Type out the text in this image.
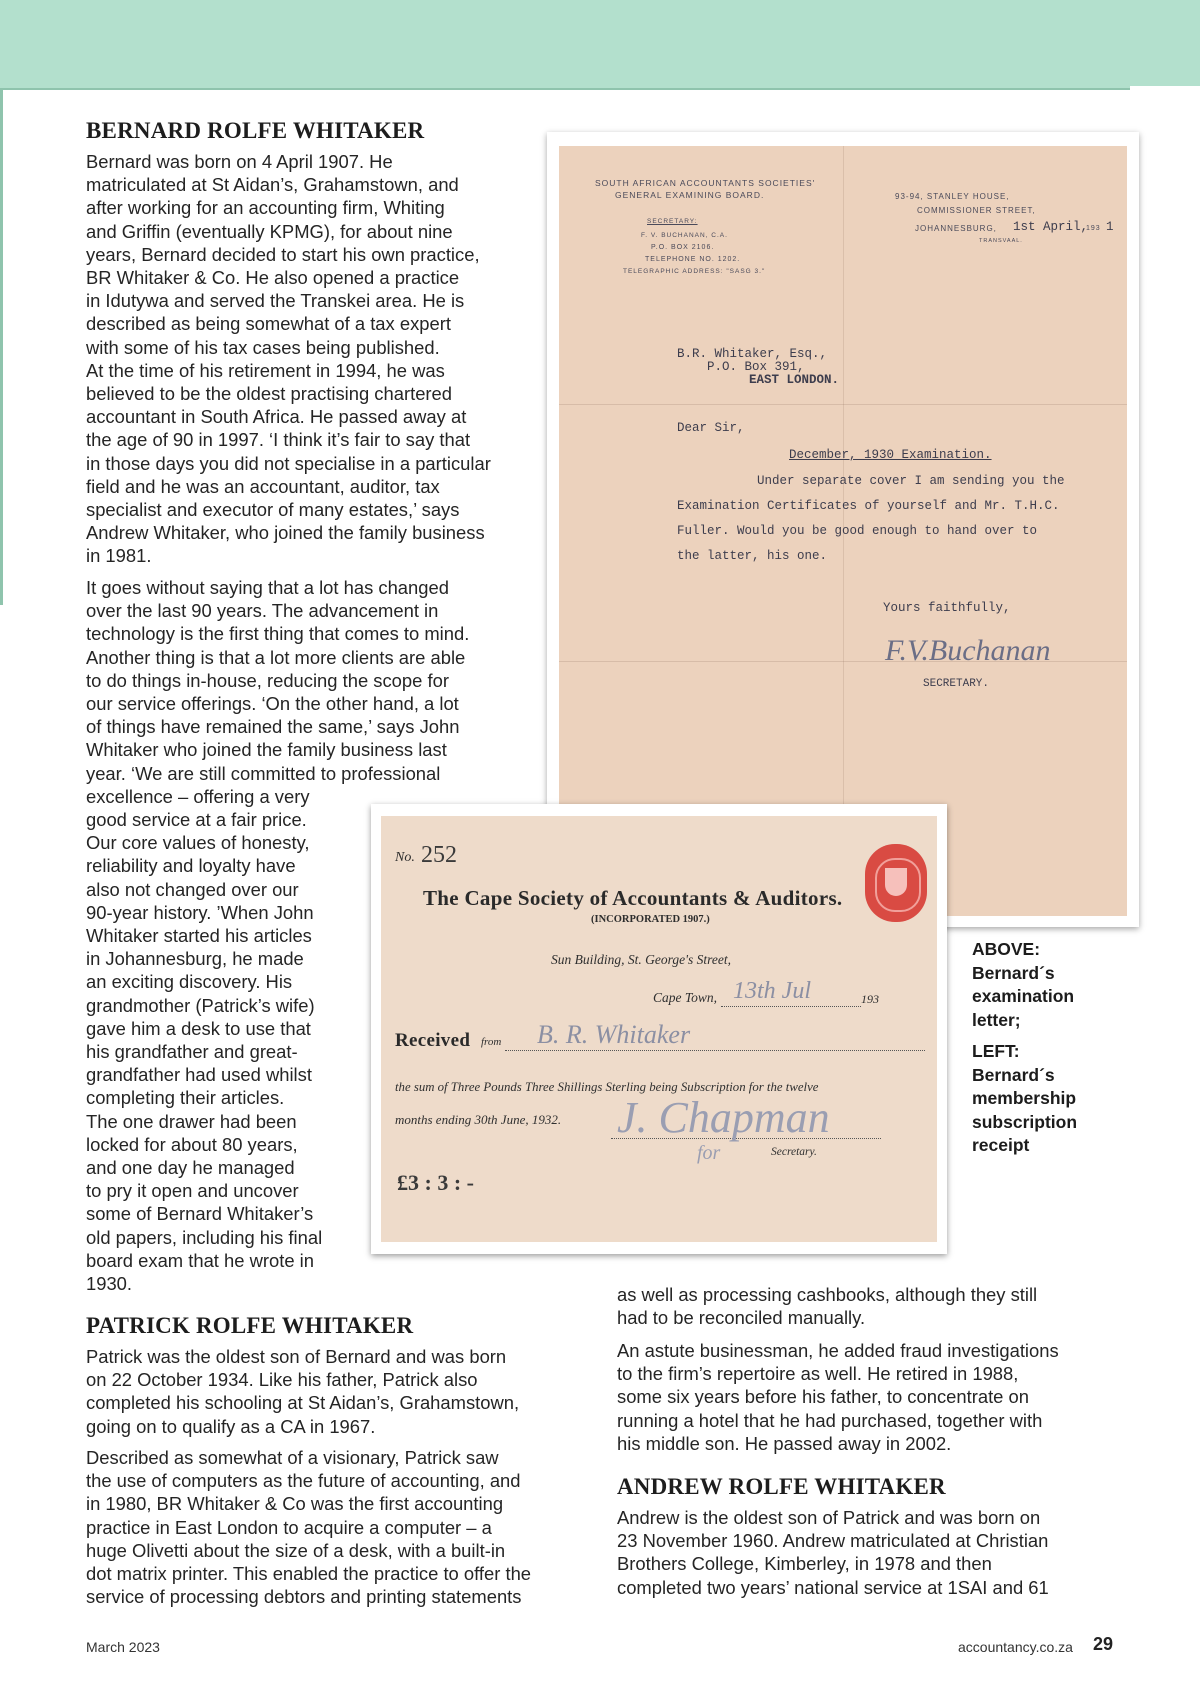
BERNARD ROLFE WHITAKER
Bernard was born on 4 April 1907. He
matriculated at St Aidan’s, Grahamstown, and
after working for an accounting firm, Whiting
and Griffin (eventually KPMG), for about nine
years, Bernard decided to start his own practice,
BR Whitaker & Co. He also opened a practice
in Idutywa and served the Transkei area. He is
described as being somewhat of a tax expert
with some of his tax cases being published.
At the time of his retirement in 1994, he was
believed to be the oldest practising chartered
accountant in South Africa. He passed away at
the age of 90 in 1997. ‘I think it’s fair to say that
in those days you did not specialise in a particular
field and he was an accountant, auditor, tax
specialist and executor of many estates,’ says
Andrew Whitaker, who joined the family business
in 1981.
It goes without saying that a lot has changed
over the last 90 years. The advancement in
technology is the first thing that comes to mind.
Another thing is that a lot more clients are able
to do things in-house, reducing the scope for
our service offerings. ‘On the other hand, a lot
of things have remained the same,’ says John
Whitaker who joined the family business last
year. ‘We are still committed to professional
excellence – offering a very
good service at a fair price.
Our core values of honesty,
reliability and loyalty have
also not changed over our
90-year history. ’When John
Whitaker started his articles
in Johannesburg, he made
an exciting discovery. His
grandmother (Patrick’s wife)
gave him a desk to use that
his grandfather and great-
grandfather had used whilst
completing their articles.
The one drawer had been
locked for about 80 years,
and one day he managed
to pry it open and uncover
some of Bernard Whitaker’s
old papers, including his final
board exam that he wrote in
1930.
PATRICK ROLFE WHITAKER
Patrick was the oldest son of Bernard and was born
on 22 October 1934. Like his father, Patrick also
completed his schooling at St Aidan’s, Grahamstown,
going on to qualify as a CA in 1967.
Described as somewhat of a visionary, Patrick saw
the use of computers as the future of accounting, and
in 1980, BR Whitaker & Co was the first accounting
practice in East London to acquire a computer – a
huge Olivetti about the size of a desk, with a built-in
dot matrix printer. This enabled the practice to offer the
service of processing debtors and printing statements
as well as processing cashbooks, although they still
had to be reconciled manually.
An astute businessman, he added fraud investigations
to the firm’s repertoire as well. He retired in 1988,
some six years before his father, to concentrate on
running a hotel that he had purchased, together with
his middle son. He passed away in 2002.
ANDREW ROLFE WHITAKER
Andrew is the oldest son of Patrick and was born on
23 November 1960. Andrew matriculated at Christian
Brothers College, Kimberley, in 1978 and then
completed two years’ national service at 1SAI and 61

SOUTH AFRICAN ACCOUNTANTS SOCIETIES'

GENERAL EXAMINING BOARD.

SECRETARY:

F. V. BUCHANAN, C.A.

P.O. BOX 2106.

TELEPHONE NO. 1202.

TELEGRAPHIC ADDRESS: "SASG 3."

93-94, STANLEY HOUSE,

COMMISSIONER STREET,

JOHANNESBURG,

TRANSVAAL.

1st April,

193 1

B.R. Whitaker, Esq.,

P.O. Box 391,

EAST LONDON.

Dear Sir,

December, 1930 Examination.

Under separate cover I am sending you the

Examination Certificates of yourself and Mr. T.H.C.

Fuller. Would you be good enough to hand over to

the latter, his one.

Yours faithfully,

F.V.Buchanan

SECRETARY.

No. 252

The Cape Society of Accountants & Auditors.

(INCORPORATED 1907.)

Sun Building, St. George's Street,

Cape Town, 13th Jul	193

Received from B. R. Whitaker

the sum of Three Pounds Three Shillings Sterling being Subscription for the twelve

months ending 30th June, 1932. J. Chapman

for	Secretary.

£3 : 3 : -

ABOVE:
Bernard´s
examination
letter;
LEFT:
Bernard´s
membership
subscription
receipt
March 2023	accountancy.co.za 29
